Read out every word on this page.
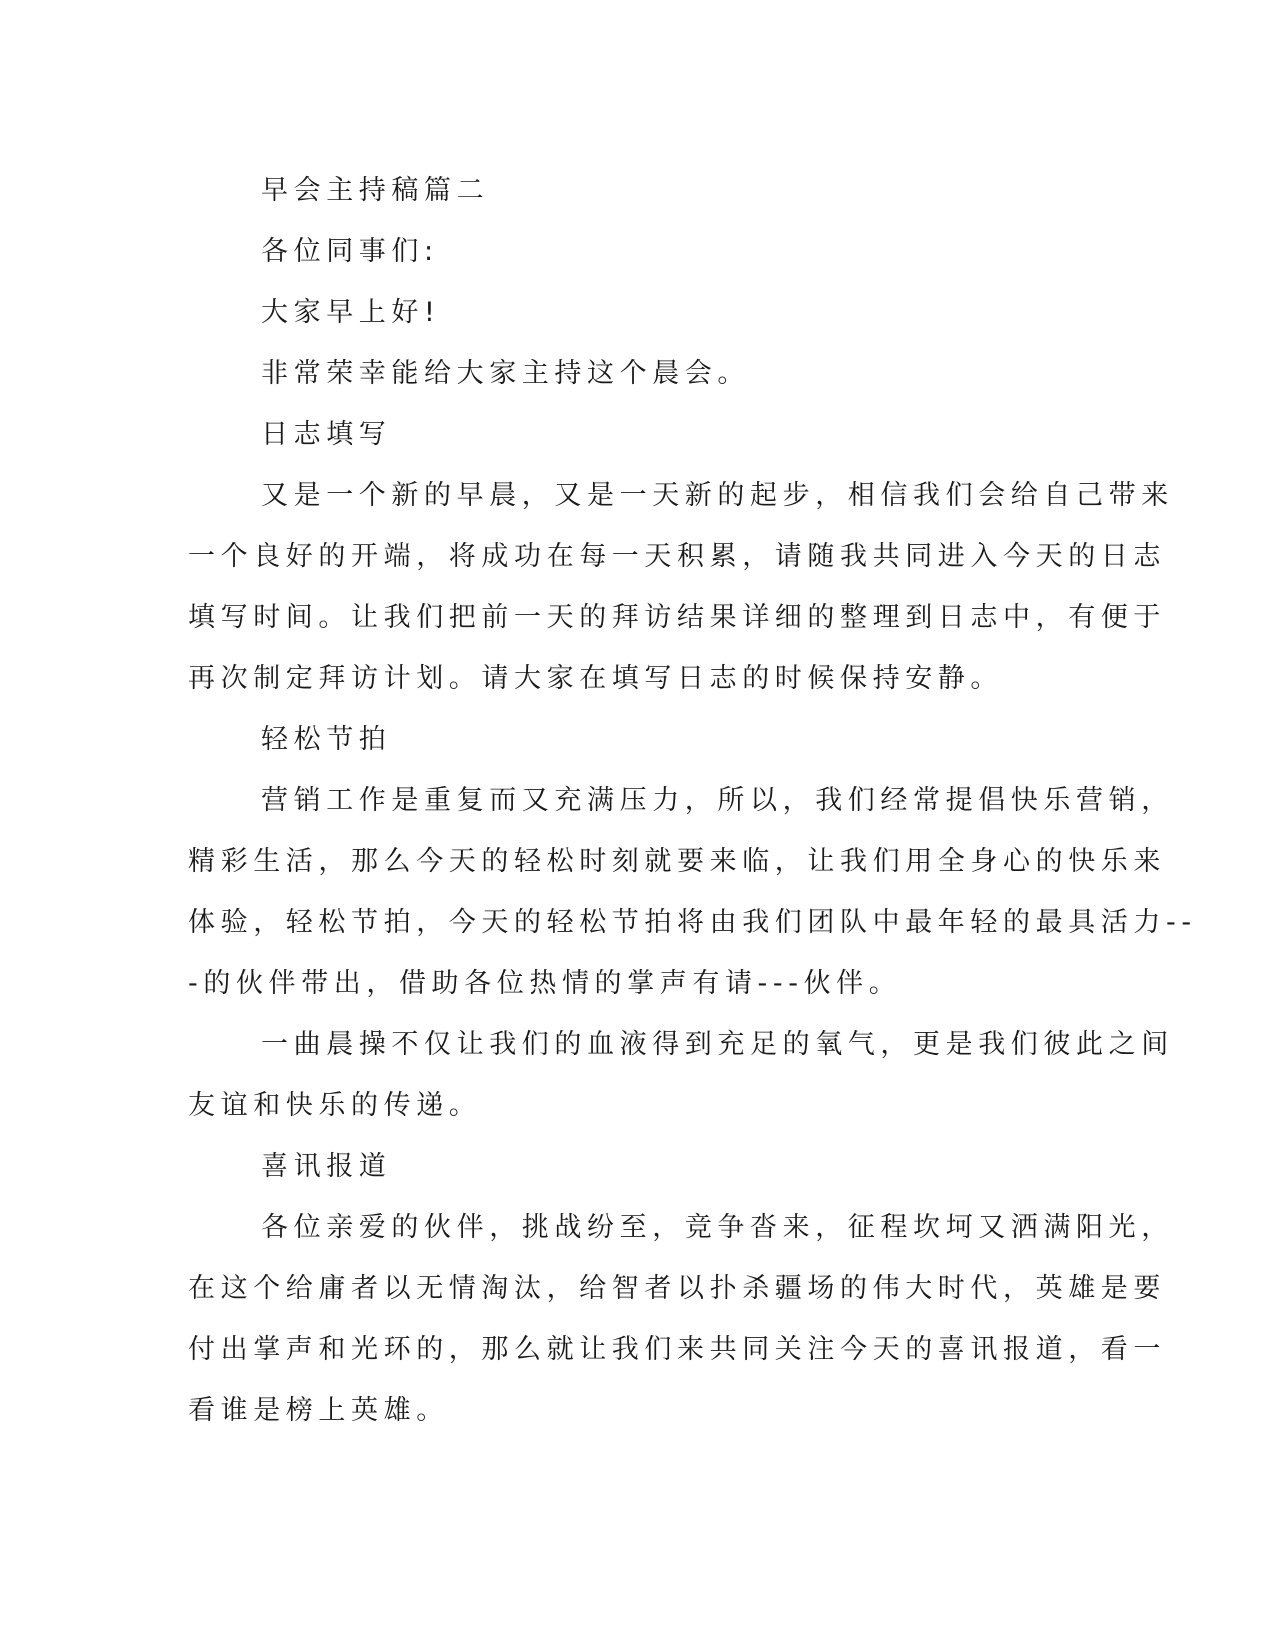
早会主持稿篇二
各位同事们:
大家早上好!
非常荣幸能给大家主持这个晨会。
日志填写
又是一个新的早晨，又是一天新的起步，相信我们会给自己带来
一个良好的开端，将成功在每一天积累，请随我共同进入今天的日志
填写时间。让我们把前一天的拜访结果详细的整理到日志中，有便于
再次制定拜访计划。请大家在填写日志的时候保持安静。
轻松节拍
营销工作是重复而又充满压力，所以，我们经常提倡快乐营销，
精彩生活，那么今天的轻松时刻就要来临，让我们用全身心的快乐来
体验，轻松节拍，今天的轻松节拍将由我们团队中最年轻的最具活力--
-的伙伴带出，借助各位热情的掌声有请---伙伴。
一曲晨操不仅让我们的血液得到充足的氧气，更是我们彼此之间
友谊和快乐的传递。
喜讯报道
各位亲爱的伙伴，挑战纷至，竞争沓来，征程坎坷又洒满阳光，
在这个给庸者以无情淘汰，给智者以扑杀疆场的伟大时代，英雄是要
付出掌声和光环的，那么就让我们来共同关注今天的喜讯报道，看一
看谁是榜上英雄。
